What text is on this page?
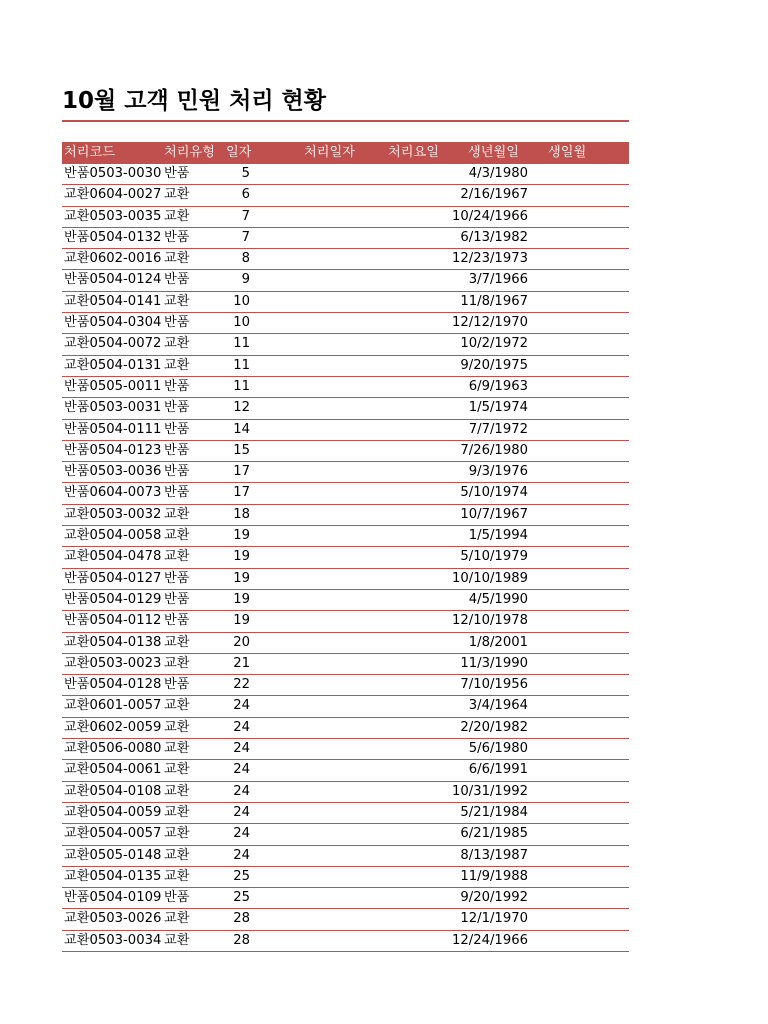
10월 고객 민원 처리 현황
처리코드	처리유형	일자	처리일자	처리요일	생년월일	생일월
반품0503-0030	반품	5			4/3/1980	
교환0604-0027	교환	6			2/16/1967	
교환0503-0035	교환	7			10/24/1966	
반품0504-0132	반품	7			6/13/1982	
교환0602-0016	교환	8			12/23/1973	
반품0504-0124	반품	9			3/7/1966	
교환0504-0141	교환	10			11/8/1967	
반품0504-0304	반품	10			12/12/1970	
교환0504-0072	교환	11			10/2/1972	
교환0504-0131	교환	11			9/20/1975	
반품0505-0011	반품	11			6/9/1963	
반품0503-0031	반품	12			1/5/1974	
반품0504-0111	반품	14			7/7/1972	
반품0504-0123	반품	15			7/26/1980	
반품0503-0036	반품	17			9/3/1976	
반품0604-0073	반품	17			5/10/1974	
교환0503-0032	교환	18			10/7/1967	
교환0504-0058	교환	19			1/5/1994	
교환0504-0478	교환	19			5/10/1979	
반품0504-0127	반품	19			10/10/1989	
반품0504-0129	반품	19			4/5/1990	
반품0504-0112	반품	19			12/10/1978	
교환0504-0138	교환	20			1/8/2001	
교환0503-0023	교환	21			11/3/1990	
반품0504-0128	반품	22			7/10/1956	
교환0601-0057	교환	24			3/4/1964	
교환0602-0059	교환	24			2/20/1982	
교환0506-0080	교환	24			5/6/1980	
교환0504-0061	교환	24			6/6/1991	
교환0504-0108	교환	24			10/31/1992	
교환0504-0059	교환	24			5/21/1984	
교환0504-0057	교환	24			6/21/1985	
교환0505-0148	교환	24			8/13/1987	
교환0504-0135	교환	25			11/9/1988	
반품0504-0109	반품	25			9/20/1992	
교환0503-0026	교환	28			12/1/1970	
교환0503-0034	교환	28			12/24/1966	
